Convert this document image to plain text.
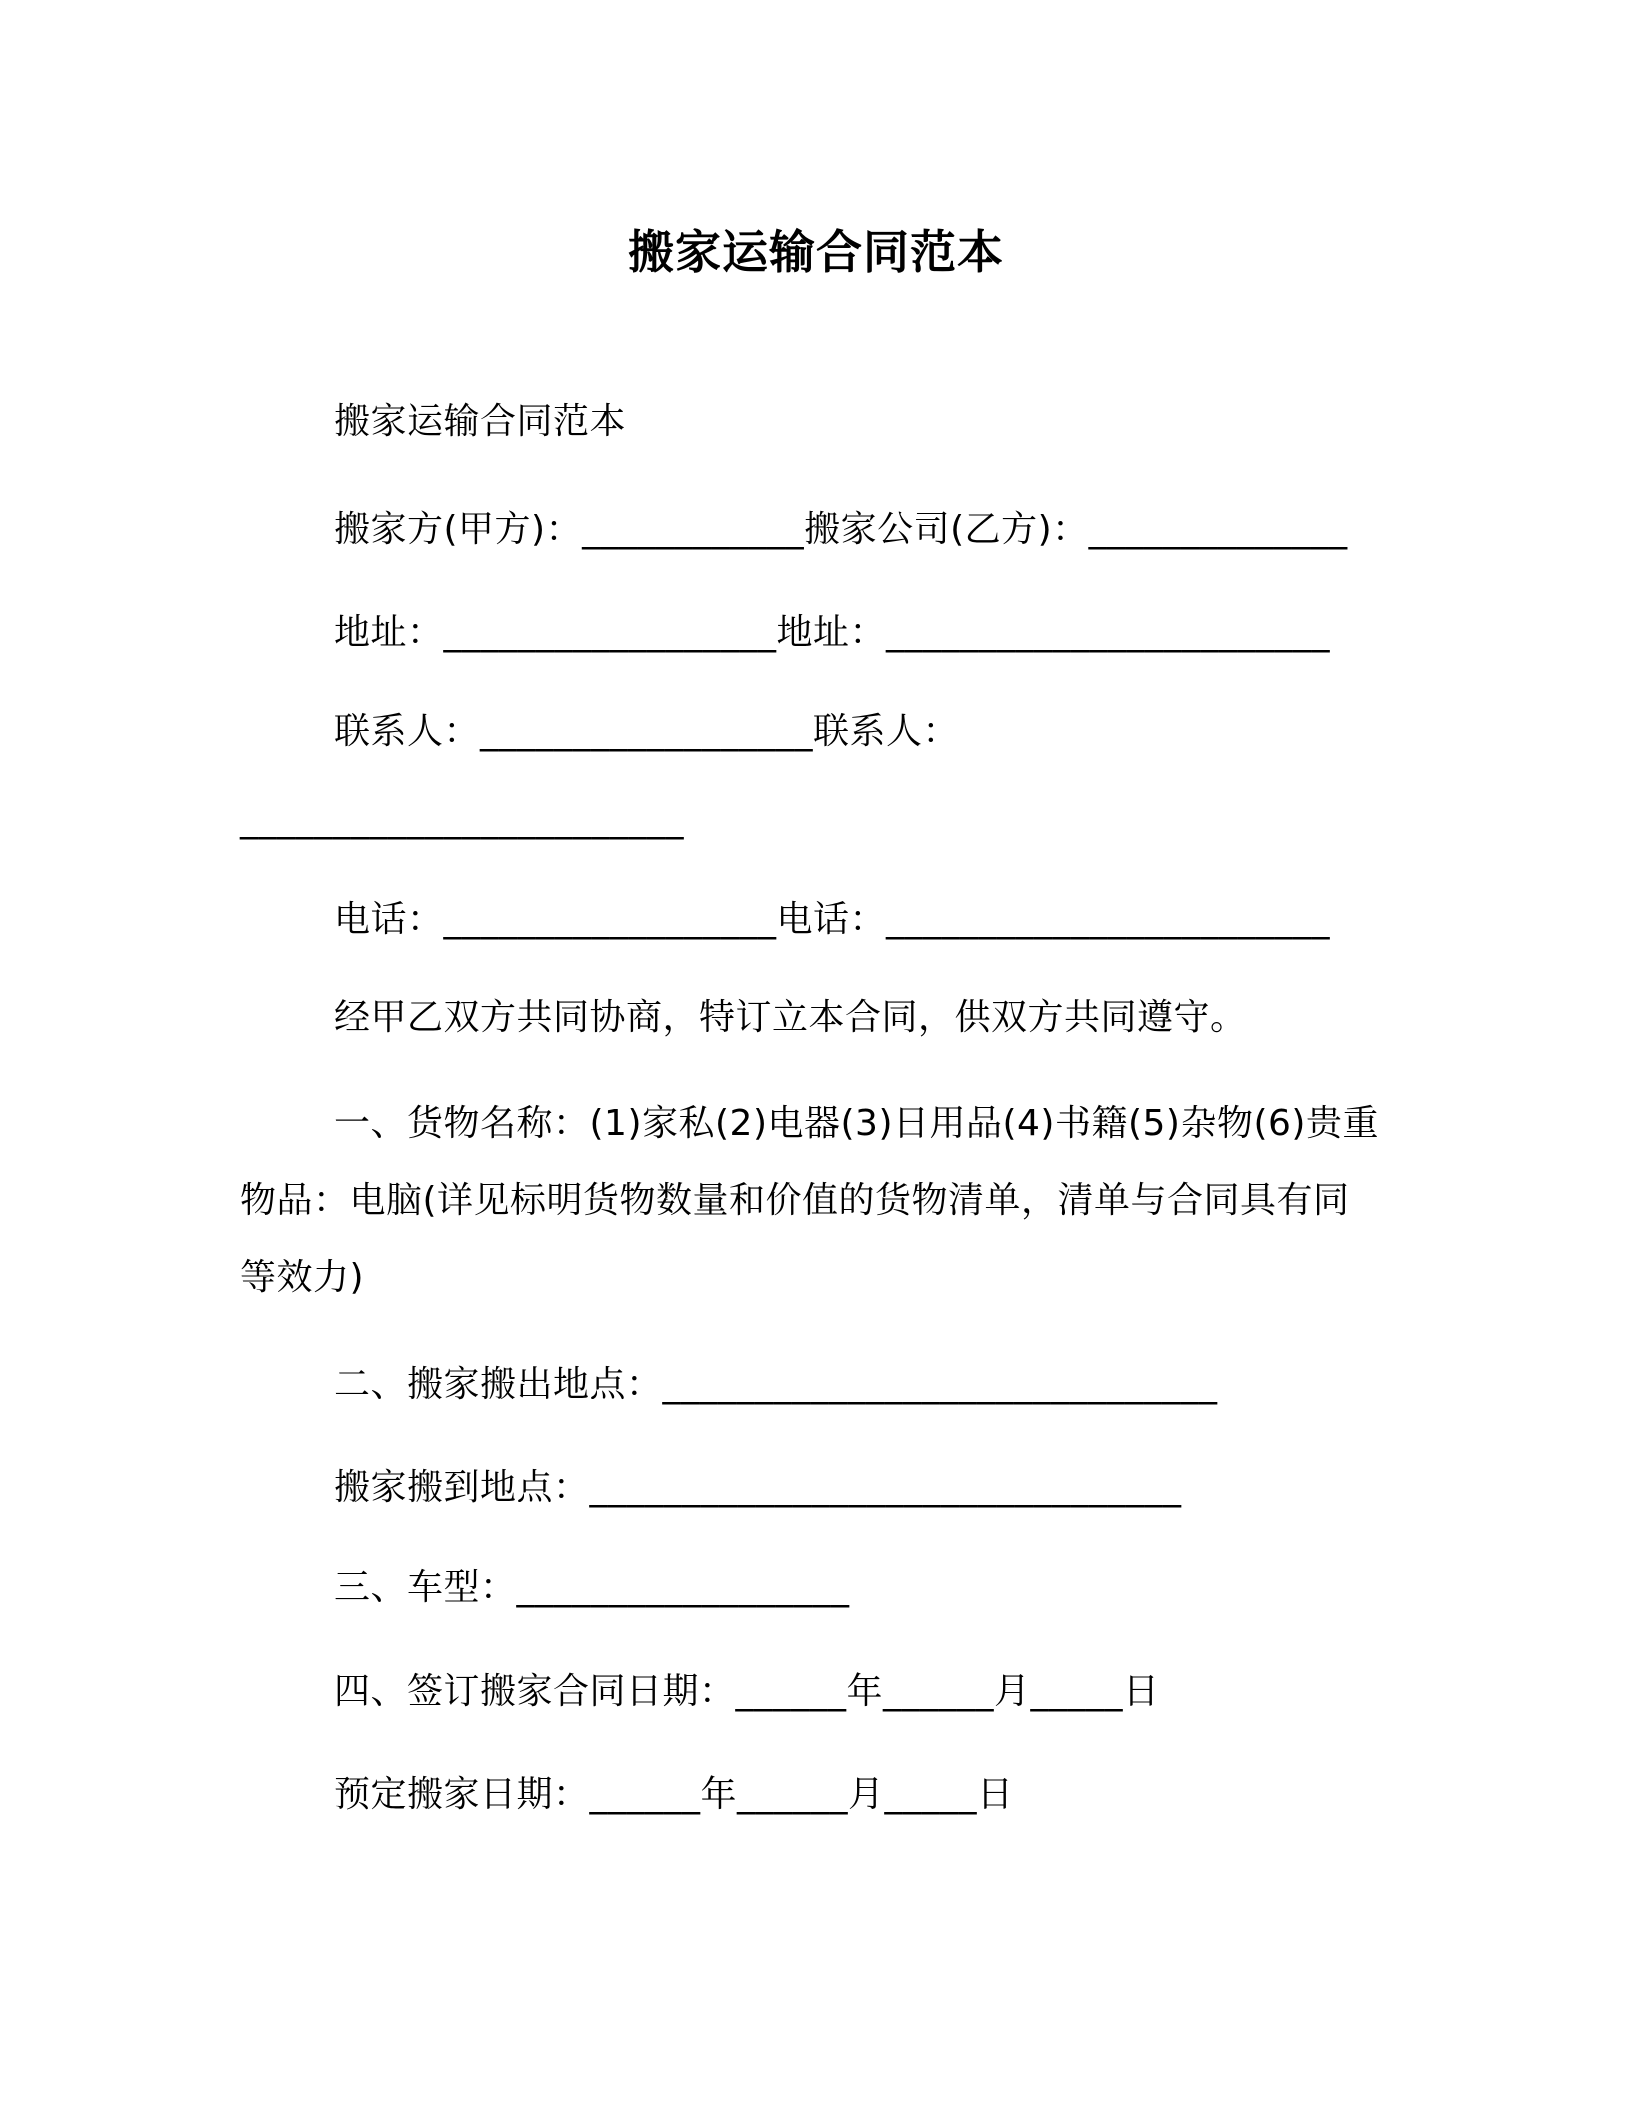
搬家运输合同范本
搬家运输合同范本
搬家方(甲方)：____________搬家公司(乙方)：______________
地址：__________________地址：________________________
联系人：__________________联系人：
________________________
电话：__________________电话：________________________
经甲乙双方共同协商，特订立本合同，供双方共同遵守。
一、货物名称：(1)家私(2)电器(3)日用品(4)书籍(5)杂物(6)贵重物品：电脑(详见标明货物数量和价值的货物清单，清单与合同具有同等效力)
二、搬家搬出地点：______________________________
搬家搬到地点：________________________________
三、车型：__________________
四、签订搬家合同日期：______年______月_____日
预定搬家日期：______年______月_____日
